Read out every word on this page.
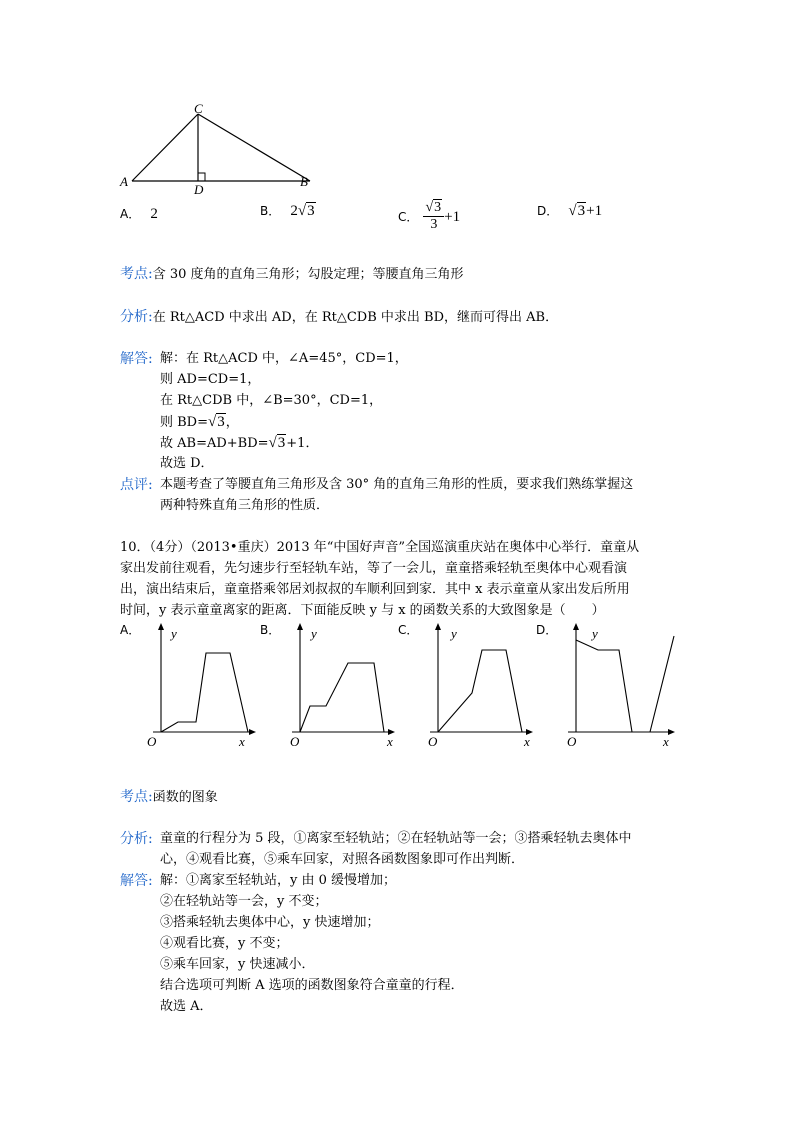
C
A
D
B
A． 2	B． 2√3	C． $\frac{√3}{3} +1$	D． √3+1
考点:含 30 度角的直角三角形；勾股定理；等腰直角三角形
分析:在 Rt△ACD 中求出 AD，在 Rt△CDB 中求出 BD，继而可得出 AB．
解答: 解：在 Rt△ACD 中，∠A=45°，CD=1，
则 AD=CD=1，
在 Rt△CDB 中，∠B=30°，CD=1，
则 BD=√3，
故 AB=AD+BD=√3+1．
故选 D．
点评: 本题考查了等腰直角三角形及含 30° 角的直角三角形的性质，要求我们熟练掌握这
两种特殊直角三角形的性质．
10．（4分）（2013•重庆）2013 年“中国好声音”全国巡演重庆站在奥体中心举行．童童从
家出发前往观看，先匀速步行至轻轨车站，等了一会儿，童童搭乘轻轨至奥体中心观看演
出，演出结束后，童童搭乘邻居刘叔叔的车顺利回到家．其中 x 表示童童从家出发后所用
时间，y 表示童童离家的距离．下面能反映 y 与 x 的函数关系的大致图象是（　　）
A． y
x
O
B． y
x
O
C．	y
x
O
D．	y
x
O
考点:函数的图象
分析: 童童的行程分为 5 段，①离家至轻轨站；②在轻轨站等一会；③搭乘轻轨去奥体中
心，④观看比赛，⑤乘车回家，对照各函数图象即可作出判断．
解答: 解：①离家至轻轨站，y 由 0 缓慢增加；
②在轻轨站等一会，y 不变；
③搭乘轻轨去奥体中心，y 快速增加；
④观看比赛，y 不变；
⑤乘车回家，y 快速减小．
结合选项可判断 A 选项的函数图象符合童童的行程．
故选 A．
